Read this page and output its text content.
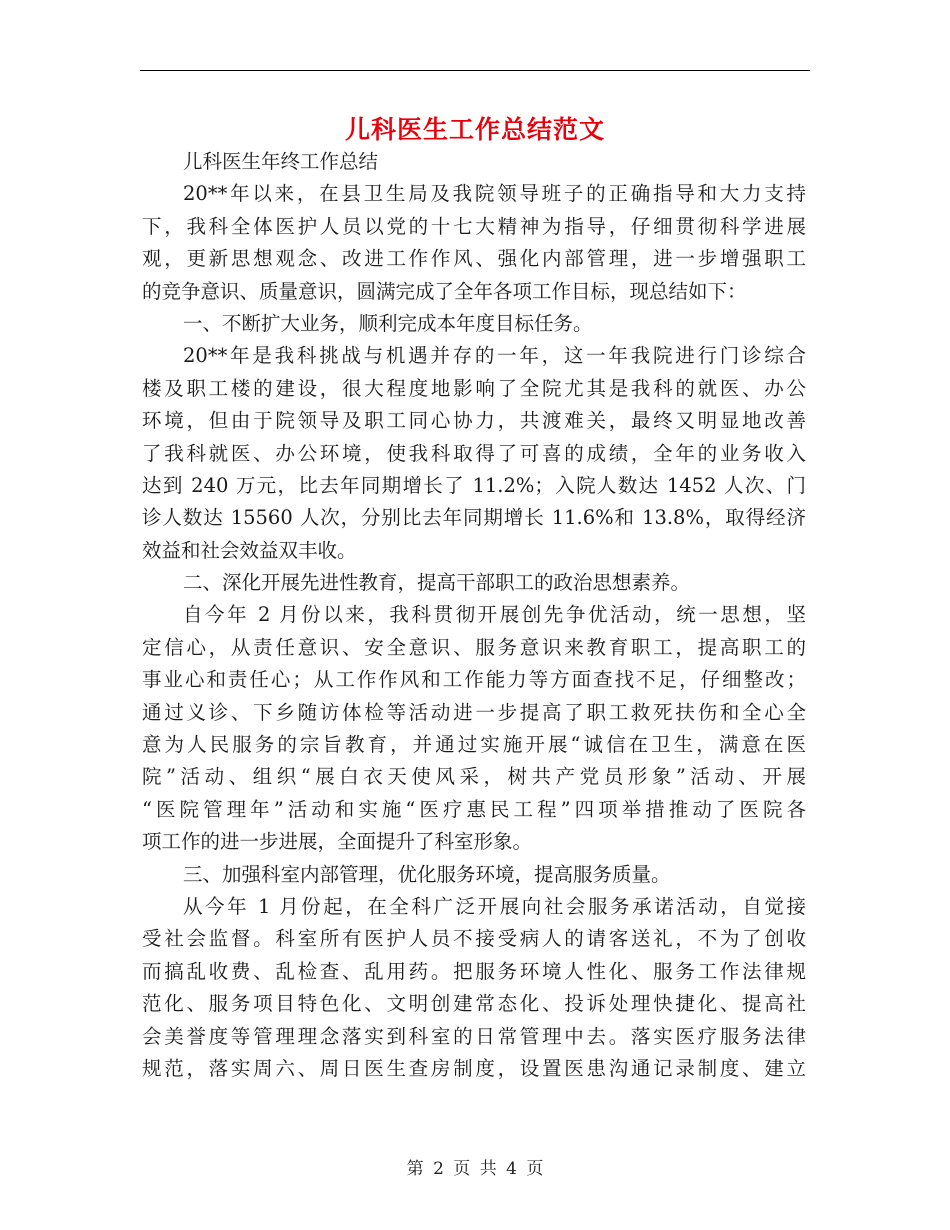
儿科医生工作总结范文
儿科医生年终工作总结
20**年以来，在县卫生局及我院领导班子的正确指导和大力支持
下，我科全体医护人员以党的十七大精神为指导，仔细贯彻科学进展
观，更新思想观念、改进工作作风、强化内部管理，进一步增强职工
的竞争意识、质量意识，圆满完成了全年各项工作目标，现总结如下：
一、不断扩大业务，顺利完成本年度目标任务。
20**年是我科挑战与机遇并存的一年，这一年我院进行门诊综合
楼及职工楼的建设，很大程度地影响了全院尤其是我科的就医、办公
环境，但由于院领导及职工同心协力，共渡难关，最终又明显地改善
了我科就医、办公环境，使我科取得了可喜的成绩，全年的业务收入
达到 240 万元，比去年同期增长了 11.2%；入院人数达 1452 人次、门
诊人数达 15560 人次，分别比去年同期增长 11.6%和 13.8%，取得经济
效益和社会效益双丰收。
二、深化开展先进性教育，提高干部职工的政治思想素养。
自今年 2 月份以来，我科贯彻开展创先争优活动，统一思想，坚
定信心，从责任意识、安全意识、服务意识来教育职工，提高职工的
事业心和责任心；从工作作风和工作能力等方面查找不足，仔细整改；
通过义诊、下乡随访体检等活动进一步提高了职工救死扶伤和全心全
意为人民服务的宗旨教育，并通过实施开展“诚信在卫生，满意在医
院”活动、组织“展白衣天使风采，树共产党员形象”活动、开展
“医院管理年”活动和实施“医疗惠民工程”四项举措推动了医院各
项工作的进一步进展，全面提升了科室形象。
三、加强科室内部管理，优化服务环境，提高服务质量。
从今年 1 月份起，在全科广泛开展向社会服务承诺活动，自觉接
受社会监督。科室所有医护人员不接受病人的请客送礼，不为了创收
而搞乱收费、乱检查、乱用药。把服务环境人性化、服务工作法律规
范化、服务项目特色化、文明创建常态化、投诉处理快捷化、提高社
会美誉度等管理理念落实到科室的日常管理中去。落实医疗服务法律
规范，落实周六、周日医生查房制度，设置医患沟通记录制度、建立
第 2 页 共 4 页
